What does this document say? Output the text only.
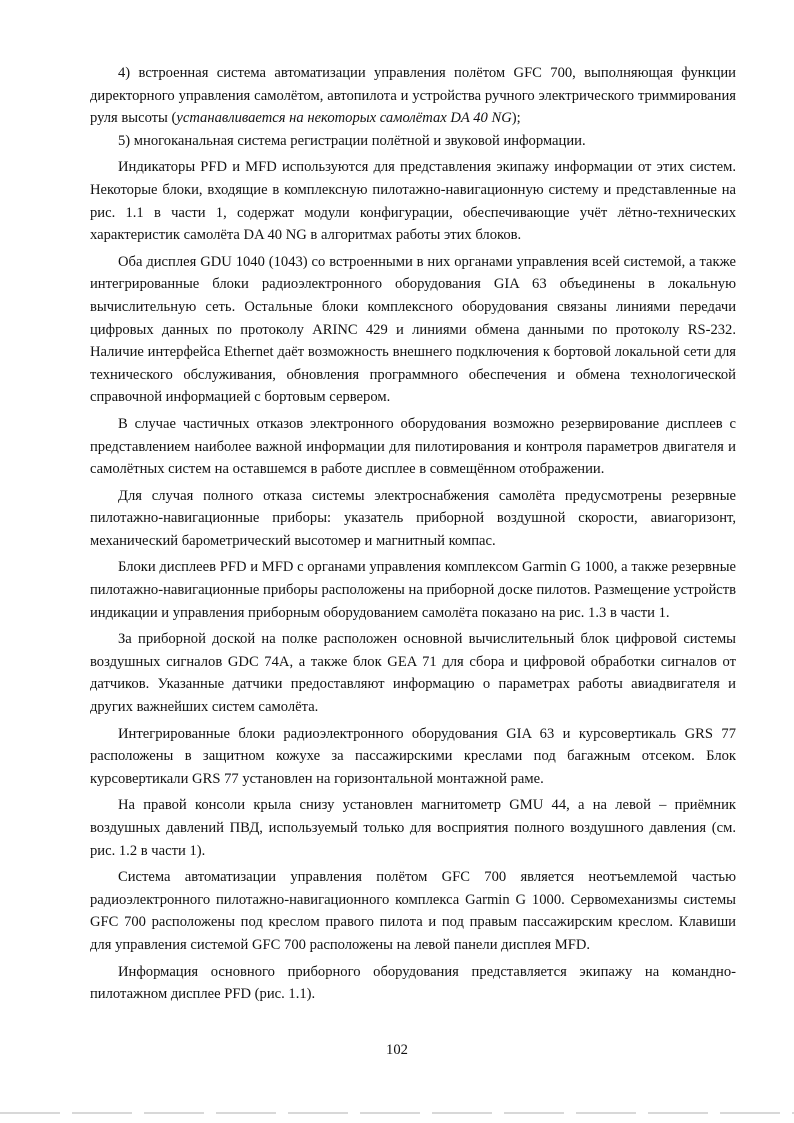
4) встроенная система автоматизации управления полётом GFC 700, выполняющая функции директорного управления самолётом, автопилота и устройства ручного электрического триммирования руля высоты (устанавливается на некоторых самолётах DA 40 NG);

5) многоканальная система регистрации полётной и звуковой информации.

Индикаторы PFD и MFD используются для представления экипажу информации от этих систем. Некоторые блоки, входящие в комплексную пилотажно-навигационную систему и представленные на рис. 1.1 в части 1, содержат модули конфигурации, обеспечивающие учёт лётно-технических характеристик самолёта DA 40 NG в алгоритмах работы этих блоков.

Оба дисплея GDU 1040 (1043) со встроенными в них органами управления всей системой, а также интегрированные блоки радиоэлектронного оборудования GIA 63 объединены в локальную вычислительную сеть. Остальные блоки комплексного оборудования связаны линиями передачи цифровых данных по протоколу ARINC 429 и линиями обмена данными по протоколу RS-232. Наличие интерфейса Ethernet даёт возможность внешнего подключения к бортовой локальной сети для технического обслуживания, обновления программного обеспечения и обмена технологической справочной информацией с бортовым сервером.

В случае частичных отказов электронного оборудования возможно резервирование дисплеев с представлением наиболее важной информации для пилотирования и контроля параметров двигателя и самолётных систем на оставшемся в работе дисплее в совмещённом отображении.

Для случая полного отказа системы электроснабжения самолёта предусмотрены резервные пилотажно-навигационные приборы: указатель приборной воздушной скорости, авиагоризонт, механический барометрический высотомер и магнитный компас.

Блоки дисплеев PFD и MFD с органами управления комплексом Garmin G 1000, а также резервные пилотажно-навигационные приборы расположены на приборной доске пилотов. Размещение устройств индикации и управления приборным оборудованием самолёта показано на рис. 1.3 в части 1.

За приборной доской на полке расположен основной вычислительный блок цифровой системы воздушных сигналов GDC 74A, а также блок GEA 71 для сбора и цифровой обработки сигналов от датчиков. Указанные датчики предоставляют информацию о параметрах работы авиадвигателя и других важнейших систем самолёта.

Интегрированные блоки радиоэлектронного оборудования GIA 63 и курсовертикаль GRS 77 расположены в защитном кожухе за пассажирскими креслами под багажным отсеком. Блок курсовертикали GRS 77 установлен на горизонтальной монтажной раме.

На правой консоли крыла снизу установлен магнитометр GMU 44, а на левой – приёмник воздушных давлений ПВД, используемый только для восприятия полного воздушного давления (см. рис. 1.2 в части 1).

Система автоматизации управления полётом GFC 700 является неотъемлемой частью радиоэлектронного пилотажно-навигационного комплекса Garmin G 1000. Сервомеханизмы системы GFC 700 расположены под креслом правого пилота и под правым пассажирским креслом. Клавиши для управления системой GFC 700 расположены на левой панели дисплея MFD.

Информация основного приборного оборудования представляется экипажу на командно-пилотажном дисплее PFD (рис. 1.1).

102
